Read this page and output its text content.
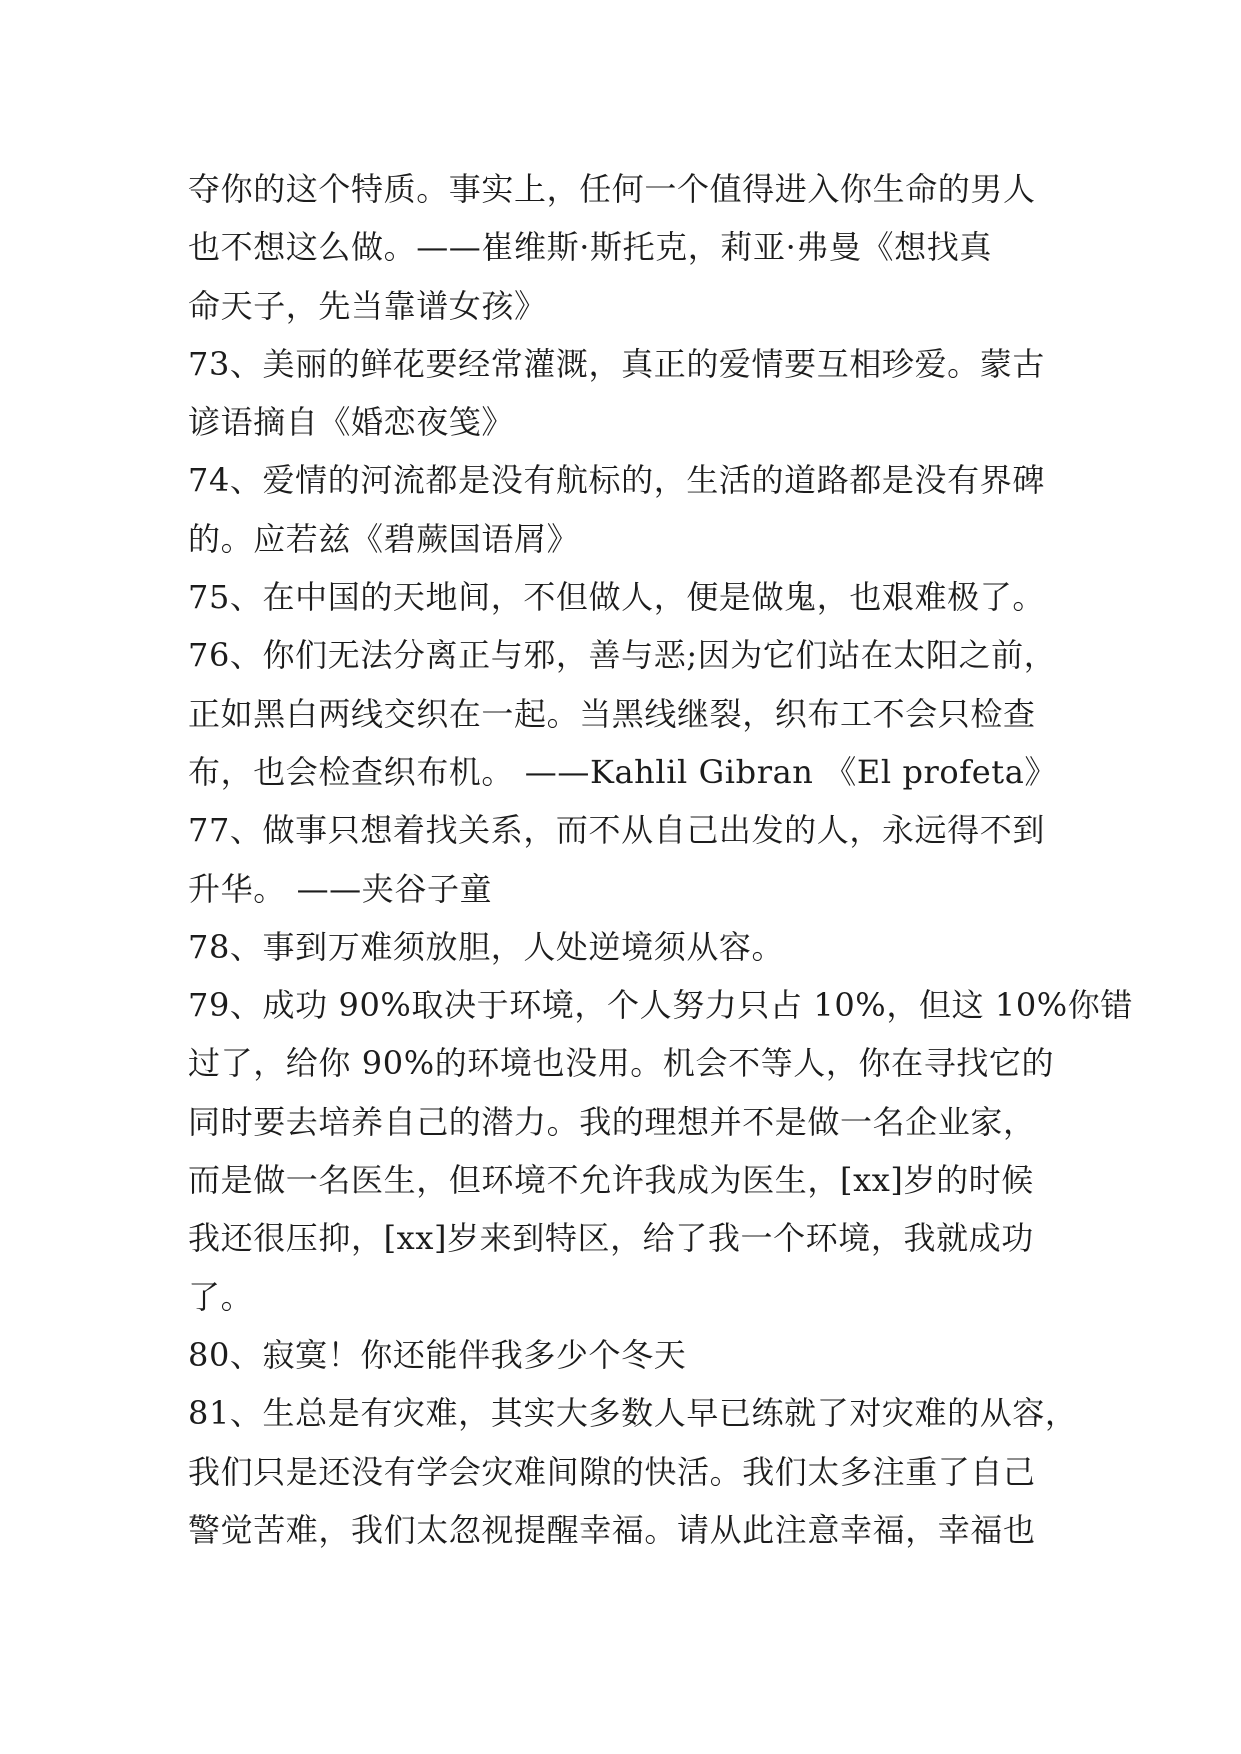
夺你的这个特质。事实上，任何一个值得进入你生命的男人
也不想这么做。——崔维斯·斯托克，莉亚·弗曼《想找真
命天子，先当靠谱女孩》
73、美丽的鲜花要经常灌溉，真正的爱情要互相珍爱。蒙古
谚语摘自《婚恋夜笺》
74、爱情的河流都是没有航标的，生活的道路都是没有界碑
的。应若兹《碧蕨国语屑》
75、在中国的天地间，不但做人，便是做鬼，也艰难极了。
76、你们无法分离正与邪，善与恶;因为它们站在太阳之前，
正如黑白两线交织在一起。当黑线继裂，织布工不会只检查
布，也会检查织布机。 ——Kahlil Gibran 《El profeta》
77、做事只想着找关系，而不从自己出发的人，永远得不到
升华。 ——夹谷子童
78、事到万难须放胆，人处逆境须从容。
79、成功 90%取决于环境，个人努力只占 10%，但这 10%你错
过了，给你 90%的环境也没用。机会不等人，你在寻找它的
同时要去培养自己的潜力。我的理想并不是做一名企业家，
而是做一名医生，但环境不允许我成为医生，[xx]岁的时候
我还很压抑，[xx]岁来到特区，给了我一个环境，我就成功
了。
80、寂寞！你还能伴我多少个冬天
81、生总是有灾难，其实大多数人早已练就了对灾难的从容，
我们只是还没有学会灾难间隙的快活。我们太多注重了自己
警觉苦难，我们太忽视提醒幸福。请从此注意幸福，幸福也
